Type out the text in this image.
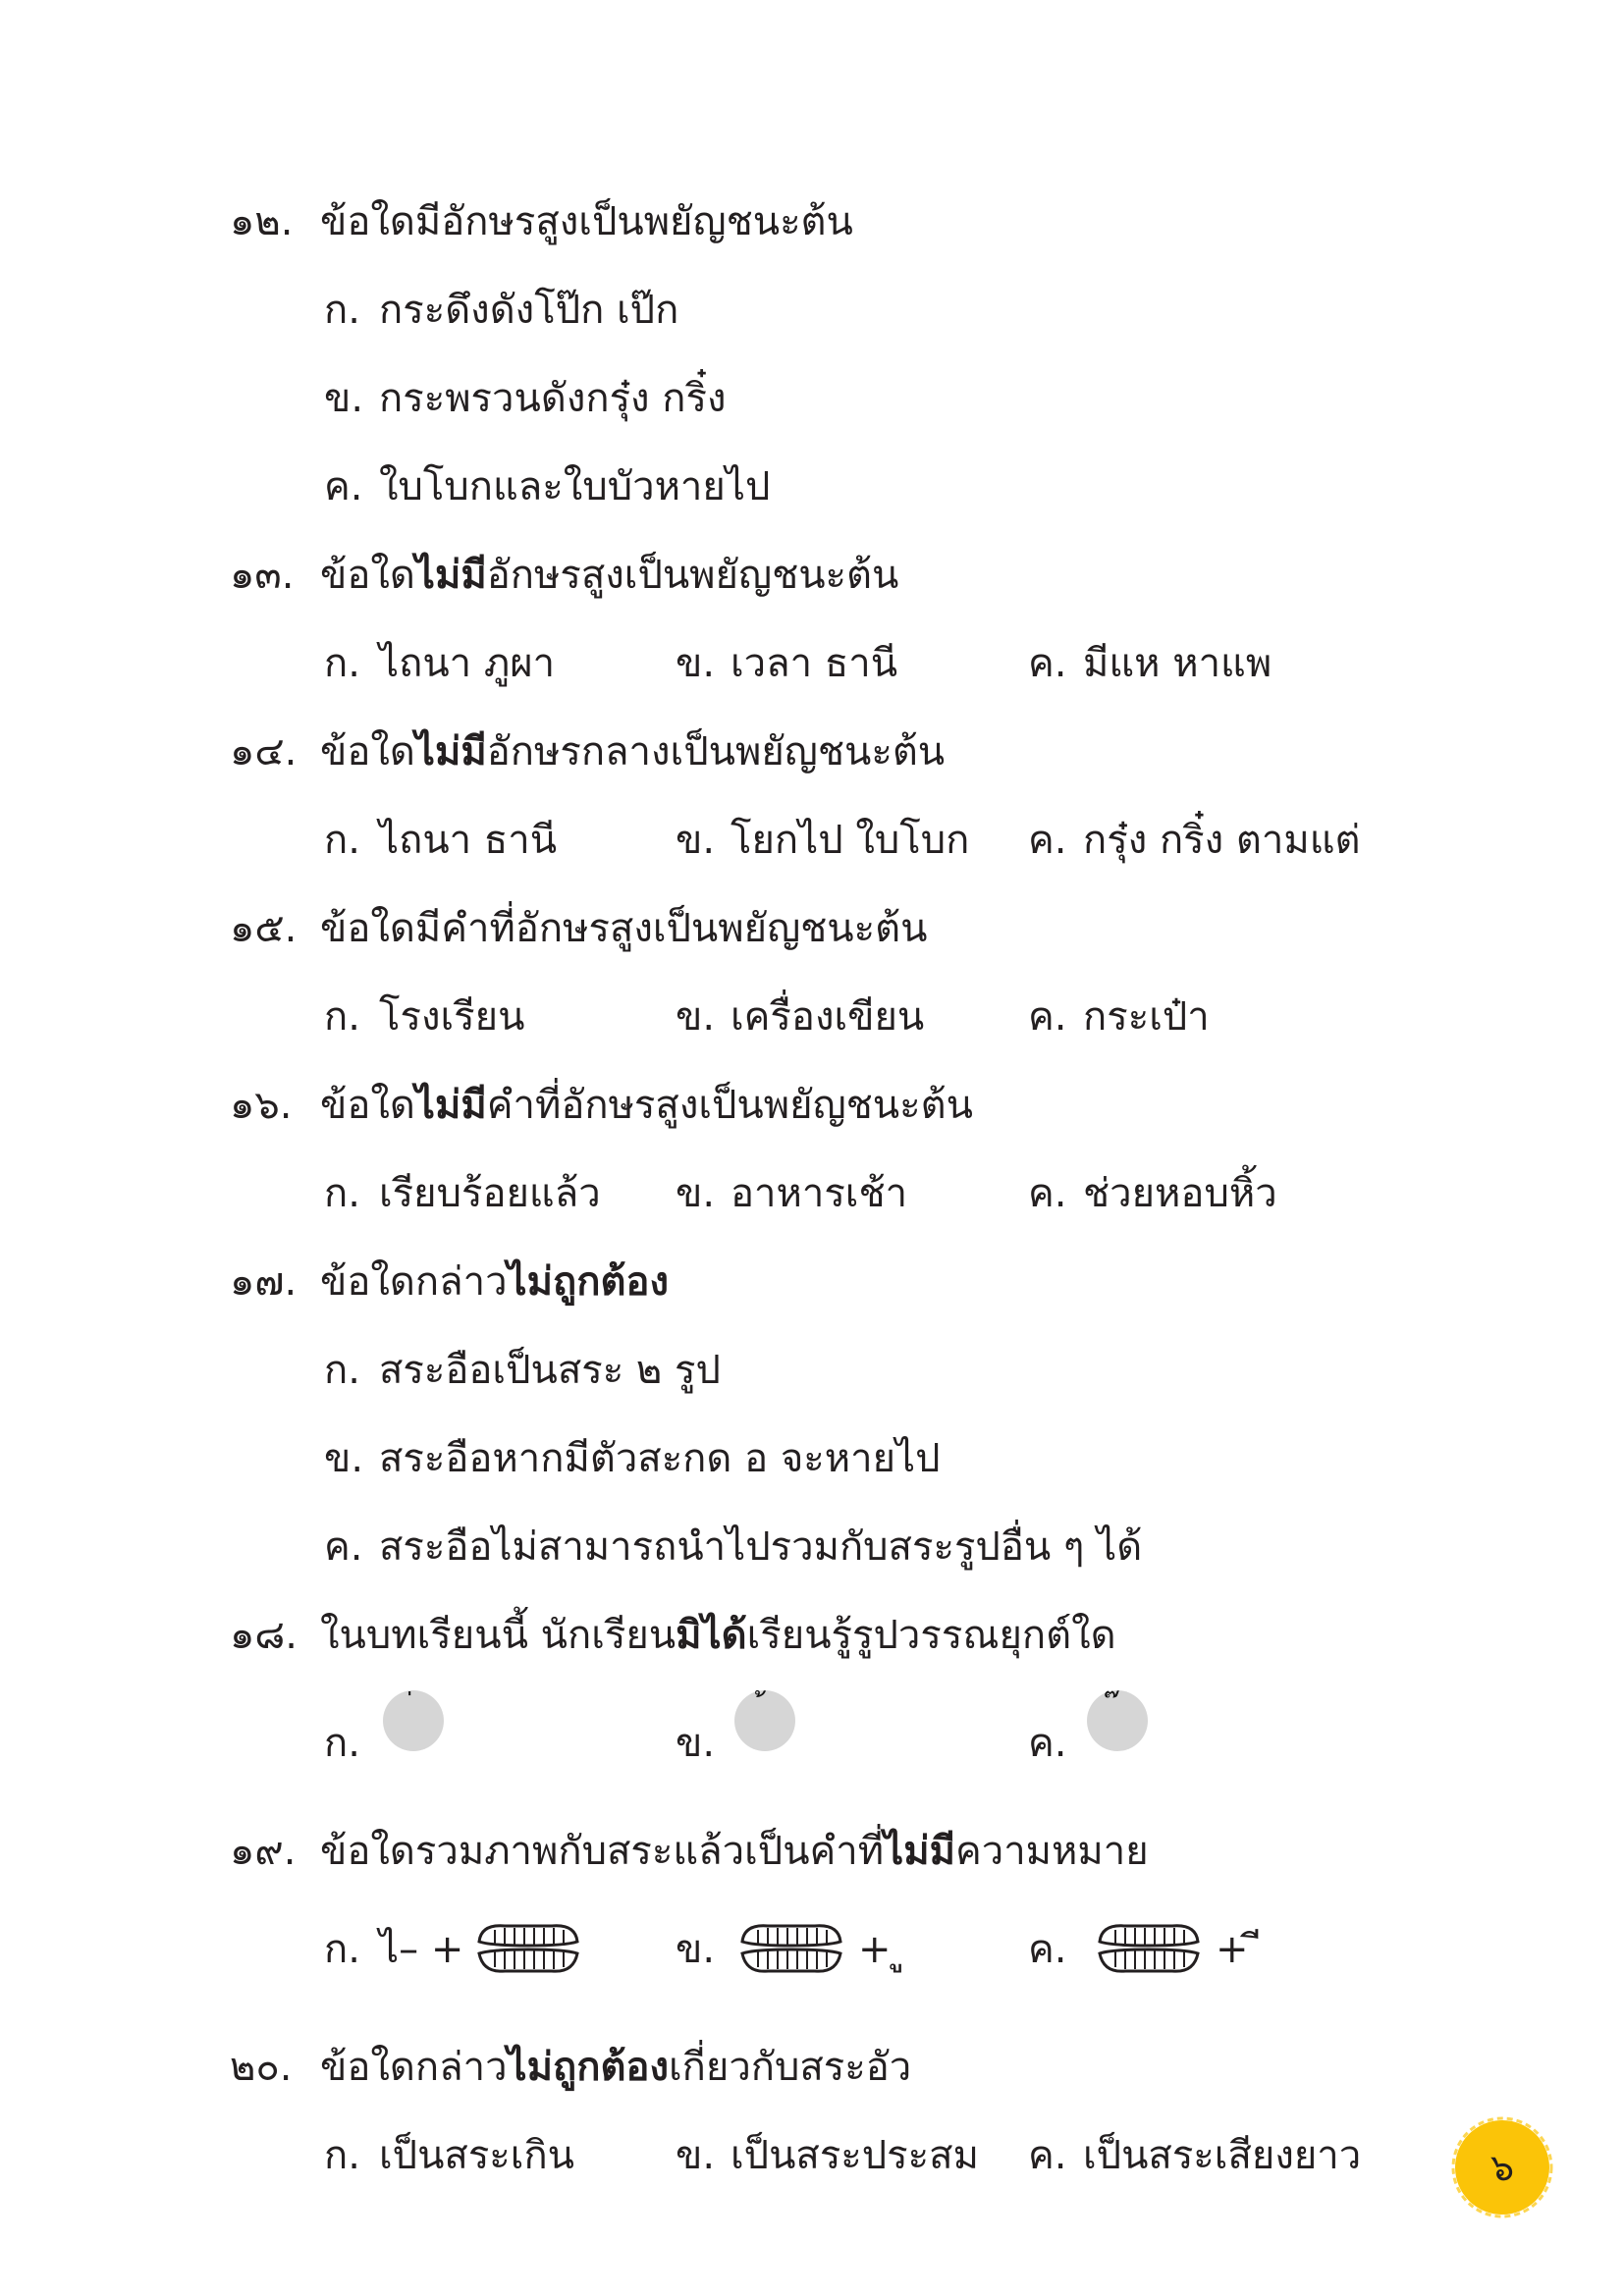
๑๒. ข้อใดมีอักษรสูงเป็นพยัญชนะต้น
ก. กระดึงดังโป๊ก เป๊ก
ข. กระพรวนดังกรุ๋ง กริ๋ง
ค. ใบโบกและใบบัวหายไป
๑๓. ข้อใดไม่มีอักษรสูงเป็นพยัญชนะต้น
ก. ไถนา ภูผา	ข. เวลา ธานี	ค. มีแห หาแพ
๑๔. ข้อใดไม่มีอักษรกลางเป็นพยัญชนะต้น
ก. ไถนา ธานี	ข. โยกไป ใบโบก ค. กรุ๋ง กริ๋ง ตามแต่
๑๕. ข้อใดมีคำที่อักษรสูงเป็นพยัญชนะต้น
ก. โรงเรียน	ข. เครื่องเขียน	ค. กระเป๋า
๑๖. ข้อใดไม่มีคำที่อักษรสูงเป็นพยัญชนะต้น
ก. เรียบร้อยแล้ว ข. อาหารเช้า	ค. ช่วยหอบหิ้ว
๑๗. ข้อใดกล่าวไม่ถูกต้อง
ก. สระอือเป็นสระ ๒ รูป
ข. สระอือหากมีตัวสะกด อ จะหายไป
ค. สระอือไม่สามารถนำไปรวมกับสระรูปอื่น ๆ ได้
๑๘. ในบทเรียนนี้ นักเรียนมิได้เรียนรู้รูปวรรณยุกต์ใด
ก.	ข.	ค.
๑๙. ข้อใดรวมภาพกับสระแล้วเป็นคำที่ไม่มีความหมาย
ก. ไ– +	ข.	+ ู	ค.	+ ี
๒๐. ข้อใดกล่าวไม่ถูกต้องเกี่ยวกับสระอัว
ก. เป็นสระเกิน	ข. เป็นสระประสม ค. เป็นสระเสียงยาว	๖
